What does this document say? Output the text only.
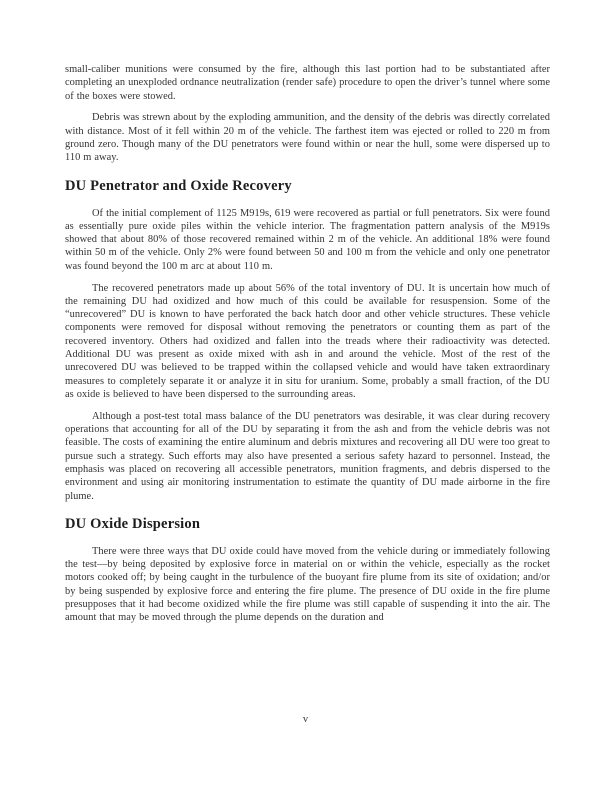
small-caliber munitions were consumed by the fire, although this last portion had to be substantiated after completing an unexploded ordnance neutralization (render safe) procedure to open the driver’s tunnel where some of the boxes were stowed.

Debris was strewn about by the exploding ammunition, and the density of the debris was directly correlated with distance. Most of it fell within 20 m of the vehicle. The farthest item was ejected or rolled to 220 m from ground zero. Though many of the DU penetrators were found within or near the hull, some were dispersed up to 110 m away.

DU Penetrator and Oxide Recovery

Of the initial complement of 1125 M919s, 619 were recovered as partial or full penetrators. Six were found as essentially pure oxide piles within the vehicle interior. The fragmentation pattern analysis of the M919s showed that about 80% of those recovered remained within 2 m of the vehicle. An additional 18% were found within 50 m of the vehicle. Only 2% were found between 50 and 100 m from the vehicle and only one penetrator was found beyond the 100 m arc at about 110 m.

The recovered penetrators made up about 56% of the total inventory of DU. It is uncertain how much of the remaining DU had oxidized and how much of this could be available for resuspension. Some of the “unrecovered” DU is known to have perforated the back hatch door and other vehicle structures. These vehicle components were removed for disposal without removing the penetrators or counting them as part of the recovered inventory. Others had oxidized and fallen into the treads where their radioactivity was detected. Additional DU was present as oxide mixed with ash in and around the vehicle. Most of the rest of the unrecovered DU was believed to be trapped within the collapsed vehicle and would have taken extraordinary measures to completely separate it or analyze it in situ for uranium. Some, probably a small fraction, of the DU as oxide is believed to have been dispersed to the surrounding areas.

Although a post-test total mass balance of the DU penetrators was desirable, it was clear during recovery operations that accounting for all of the DU by separating it from the ash and from the vehicle debris was not feasible. The costs of examining the entire aluminum and debris mixtures and recovering all DU were too great to pursue such a strategy. Such efforts may also have presented a serious safety hazard to personnel. Instead, the emphasis was placed on recovering all accessible penetrators, munition fragments, and debris dispersed to the environment and using air monitoring instrumentation to estimate the quantity of DU made airborne in the fire plume.

DU Oxide Dispersion

There were three ways that DU oxide could have moved from the vehicle during or immediately following the test—by being deposited by explosive force in material on or within the vehicle, especially as the rocket motors cooked off; by being caught in the turbulence of the buoyant fire plume from its site of oxidation; and/or by being suspended by explosive force and entering the fire plume. The presence of DU oxide in the fire plume presupposes that it had become oxidized while the fire plume was still capable of suspending it into the air. The amount that may be moved through the plume depends on the duration and

v
